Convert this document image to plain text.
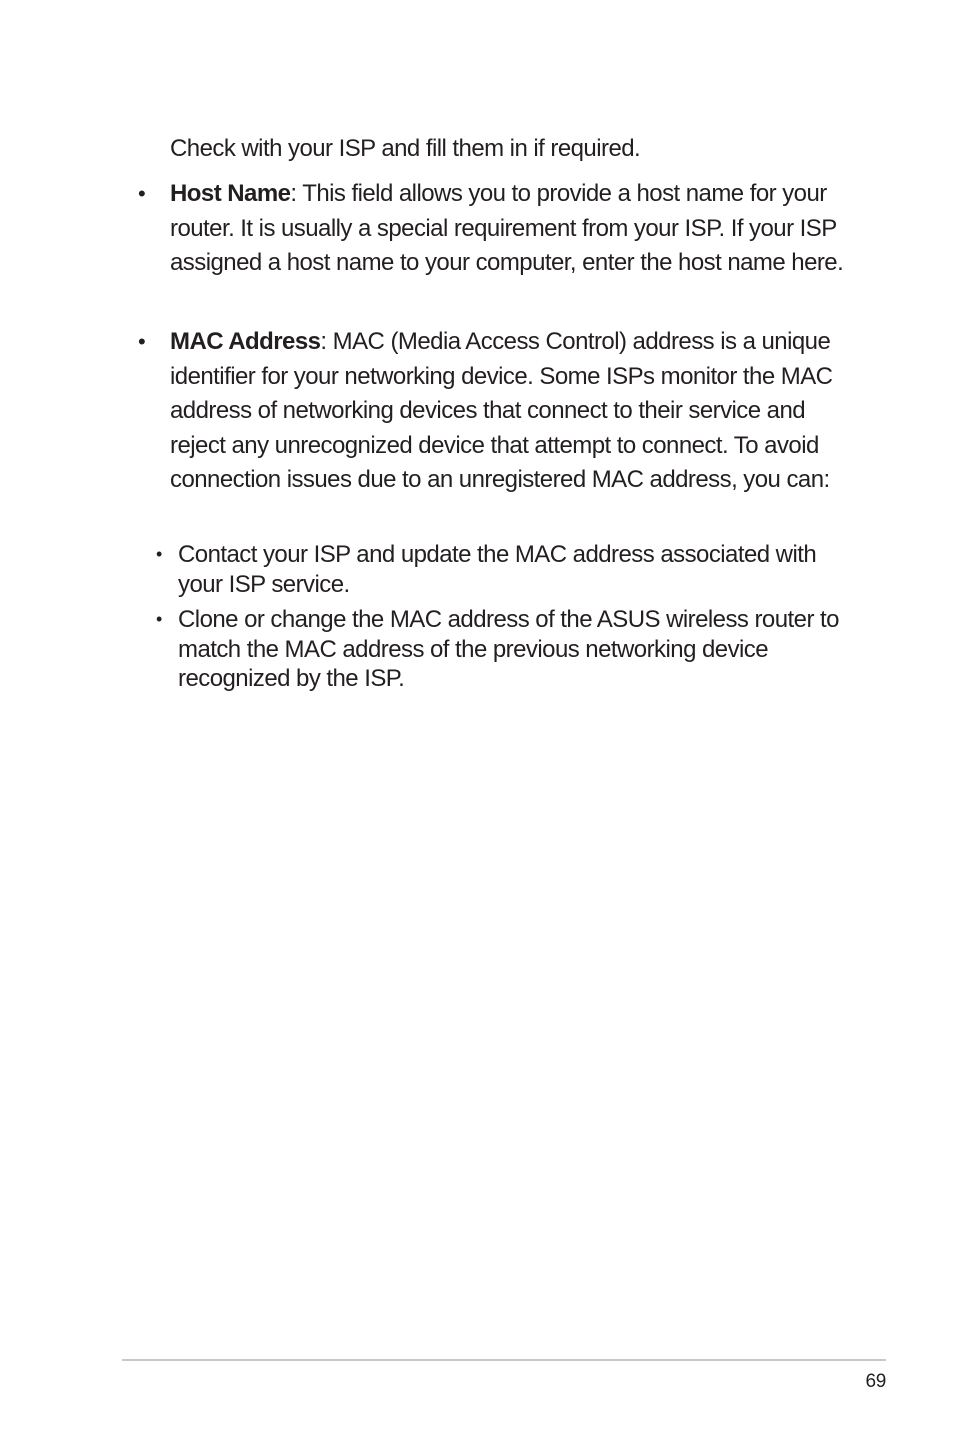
Check with your ISP and fill them in if required.

• Host Name: This field allows you to provide a host name for your router. It is usually a special requirement from your ISP. If your ISP assigned a host name to your computer, enter the host name here.
• MAC Address: MAC (Media Access Control) address is a unique identifier for your networking device. Some ISPs monitor the MAC address of networking devices that connect to their service and reject any unrecognized device that attempt to connect. To avoid connection issues due to an unregistered MAC address, you can:
• Contact your ISP and update the MAC address associated with your ISP service.
• Clone or change the MAC address of the ASUS wireless router to match the MAC address of the previous networking device recognized by the ISP.
69
